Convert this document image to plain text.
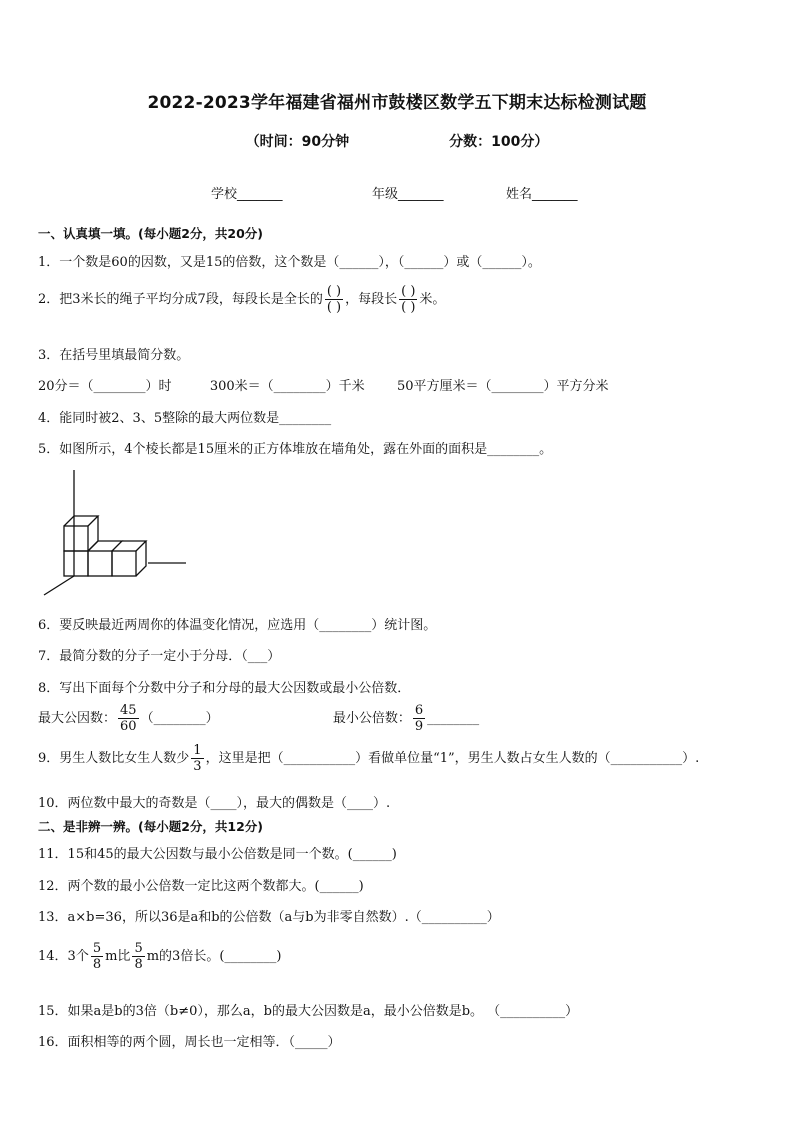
2022-2023学年福建省福州市鼓楼区数学五下期末达标检测试题
（时间：90分钟	分数：100分）
学校_______	年级_______	姓名_______
一、认真填一填。(每小题2分，共20分)
1．一个数是60的因数，又是15的倍数，这个数是（______），（______）或（______）。
2．把3米长的绳子平均分成7段，每段长是全长的 $\frac{( )}{( )}$ ，每段长 $\frac{( )}{( )}$ 米。
3．在括号里填最简分数。
20分＝（________）时	300米＝（________）千米 50平方厘米＝（________）平方分米
4．能同时被2、3、5整除的最大两位数是________
5．如图所示，4个棱长都是15厘米的正方体堆放在墙角处，露在外面的面积是________。
6．要反映最近两周你的体温变化情况，应选用（________）统计图。
7．最简分数的分子一定小于分母．（___）
8．写出下面每个分数中分子和分母的最大公因数或最小公倍数．
最大公因数： $\frac{45}{60}$ （________）	最小公倍数： $\frac{6}{9}$ ________
9．男生人数比女生人数少 $\frac{1}{3}$ ，这里是把（___________）看做单位量“1”，男生人数占女生人数的（___________）.
10．两位数中最大的奇数是（____），最大的偶数是（____）.
二、是非辨一辨。(每小题2分，共12分)
11．15和45的最大公因数与最小公倍数是同一个数。(______)
12．两个数的最小公倍数一定比这两个数都大。(______)
13．a×b=36，所以36是a和b的公倍数（a与b为非零自然数）.（__________）
14．3个 $\frac{5}{8}$ m比 $\frac{5}{8}$ m的3倍长。(________)
15．如果a是b的3倍（b≠0），那么a，b的最大公因数是a，最小公倍数是b。 （__________）
16．面积相等的两个圆，周长也一定相等．（_____）
